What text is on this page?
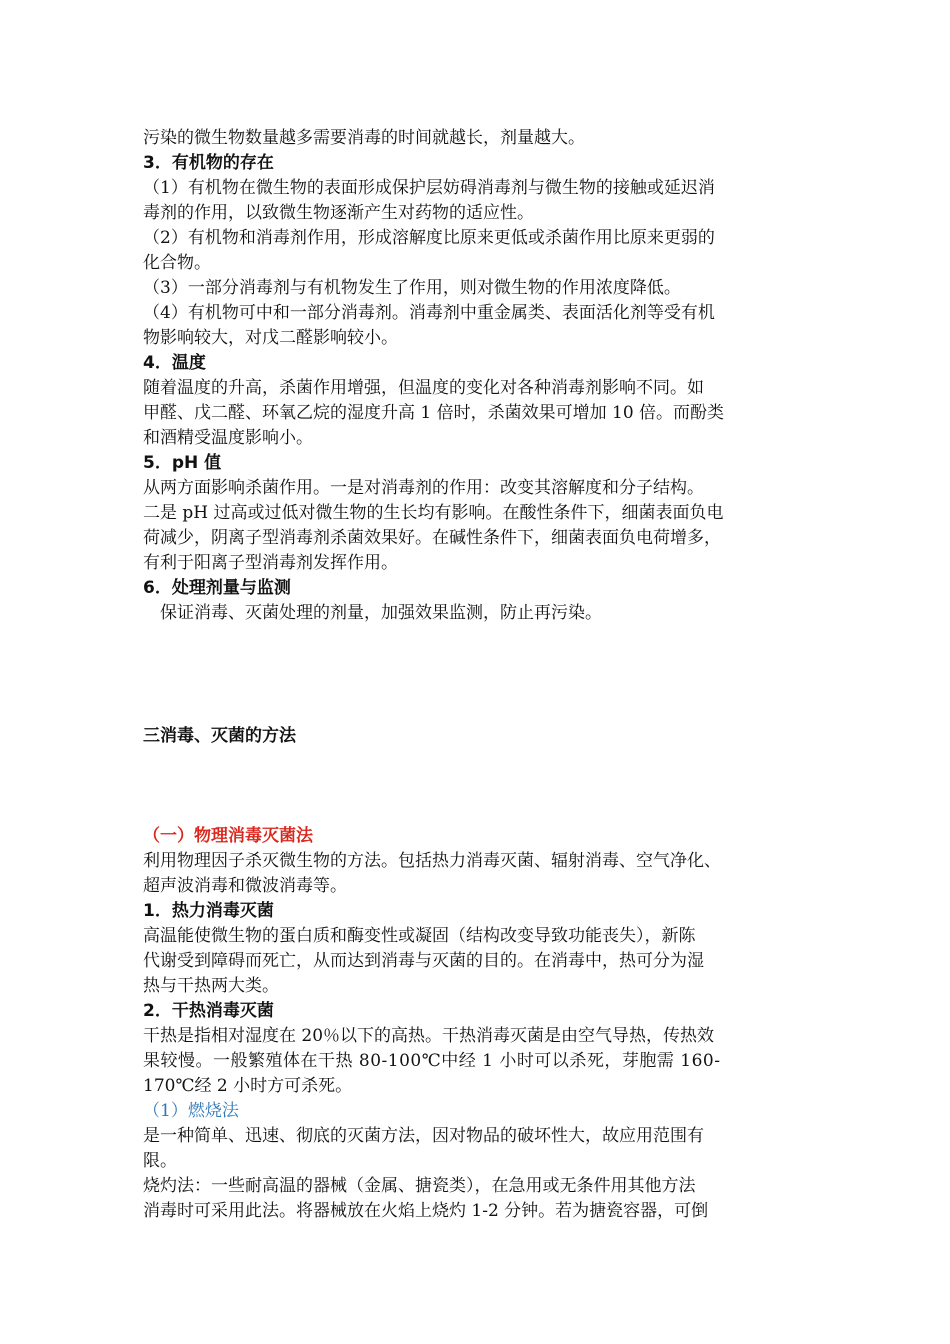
污染的微生物数量越多需要消毒的时间就越长，剂量越大。
3．有机物的存在
（1）有机物在微生物的表面形成保护层妨碍消毒剂与微生物的接触或延迟消
毒剂的作用，以致微生物逐渐产生对药物的适应性。
（2）有机物和消毒剂作用，形成溶解度比原来更低或杀菌作用比原来更弱的
化合物。
（3）一部分消毒剂与有机物发生了作用，则对微生物的作用浓度降低。
（4）有机物可中和一部分消毒剂。消毒剂中重金属类、表面活化剂等受有机
物影响较大，对戊二醛影响较小。
4．温度
随着温度的升高，杀菌作用增强，但温度的变化对各种消毒剂影响不同。如
甲醛、戊二醛、环氧乙烷的湿度升高 1 倍时，杀菌效果可增加 10 倍。而酚类
和酒精受温度影响小。
5．pH 值
从两方面影响杀菌作用。一是对消毒剂的作用：改变其溶解度和分子结构。
二是 pH 过高或过低对微生物的生长均有影响。在酸性条件下，细菌表面负电
荷减少，阴离子型消毒剂杀菌效果好。在碱性条件下，细菌表面负电荷增多，
有利于阳离子型消毒剂发挥作用。
6．处理剂量与监测
　保证消毒、灭菌处理的剂量，加强效果监测，防止再污染。
三消毒、灭菌的方法
（一）物理消毒灭菌法
利用物理因子杀灭微生物的方法。包括热力消毒灭菌、辐射消毒、空气净化、
超声波消毒和微波消毒等。
1．热力消毒灭菌
高温能使微生物的蛋白质和酶变性或凝固（结构改变导致功能丧失），新陈
代谢受到障碍而死亡，从而达到消毒与灭菌的目的。在消毒中，热可分为湿
热与干热两大类。
2．干热消毒灭菌
干热是指相对湿度在 20％以下的高热。干热消毒灭菌是由空气导热，传热效
果较慢。一般繁殖体在干热 80-100℃中经 1 小时可以杀死，芽胞需 160-
170℃经 2 小时方可杀死。
（1）燃烧法
是一种简单、迅速、彻底的灭菌方法，因对物品的破坏性大，故应用范围有
限。
烧灼法：一些耐高温的器械（金属、搪瓷类），在急用或无条件用其他方法
消毒时可采用此法。将器械放在火焰上烧灼 1-2 分钟。若为搪瓷容器，可倒
